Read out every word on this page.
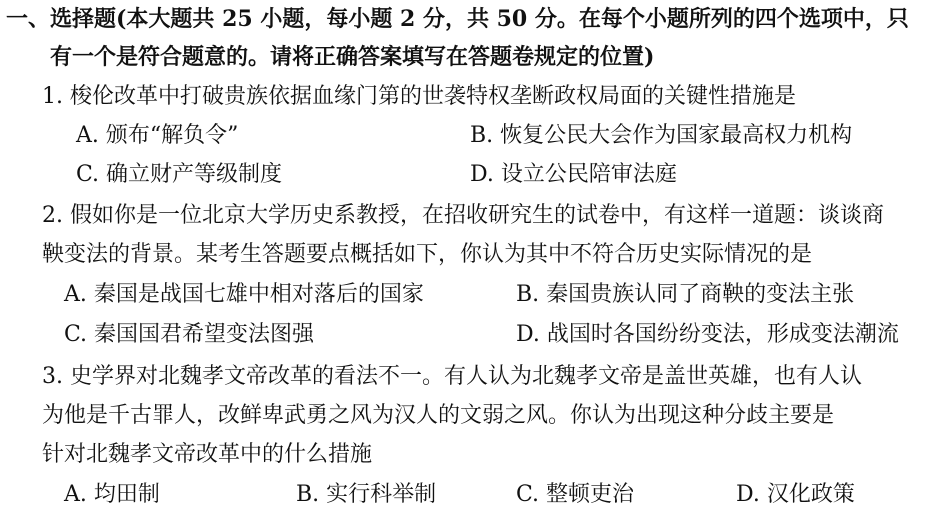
一、选择题(本大题共 25 小题，每小题 2 分，共 50 分。在每个小题所列的四个选项中，只
有一个是符合题意的。请将正确答案填写在答题卷规定的位置)
1. 梭伦改革中打破贵族依据血缘门第的世袭特权垄断政权局面的关键性措施是
A. 颁布“解负令”	B. 恢复公民大会作为国家最高权力机构
C. 确立财产等级制度	D. 设立公民陪审法庭
2. 假如你是一位北京大学历史系教授，在招收研究生的试卷中，有这样一道题：谈谈商
鞅变法的背景。某考生答题要点概括如下，你认为其中不符合历史实际情况的是
A. 秦国是战国七雄中相对落后的国家	B. 秦国贵族认同了商鞅的变法主张
C. 秦国国君希望变法图强	D. 战国时各国纷纷变法，形成变法潮流
3. 史学界对北魏孝文帝改革的看法不一。有人认为北魏孝文帝是盖世英雄，也有人认
为他是千古罪人，改鲜卑武勇之风为汉人的文弱之风。你认为出现这种分歧主要是
针对北魏孝文帝改革中的什么措施
A. 均田制	B. 实行科举制	C. 整顿吏治	D. 汉化政策
